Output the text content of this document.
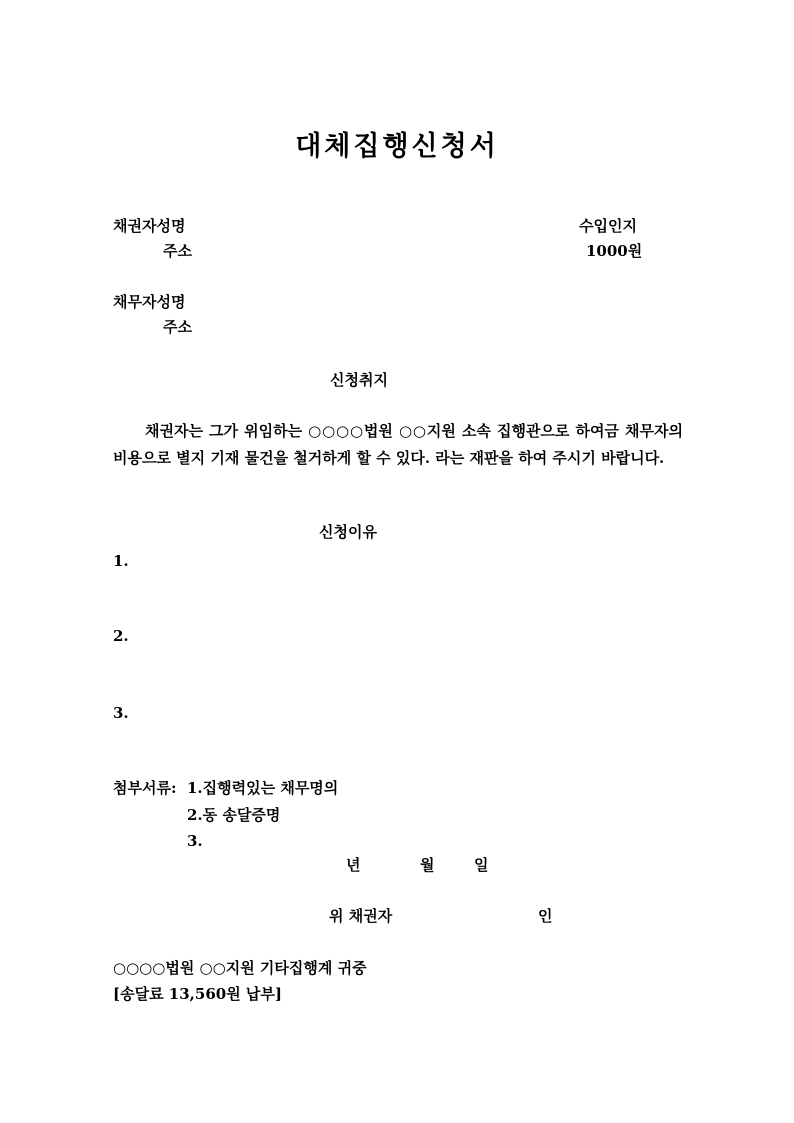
대체집행신청서
채권자성명
주소
수입인지
1000원
채무자성명
주소
신청취지
채권자는 그가 위임하는 ○○○○법원 ○○지원 소속 집행관으로 하여금 채무자의 비용으로 별지 기재 물건을 철거하게 할 수 있다. 라는 재판을 하여 주시기 바랍니다.
신청이유
1.
2.
3.
첨부서류: 1.집행력있는 채무명의
2.동 송달증명
3.
년	월	일
위 채권자	인
○○○○법원 ○○지원 기타집행계 귀중
[송달료 13,560원 납부]
